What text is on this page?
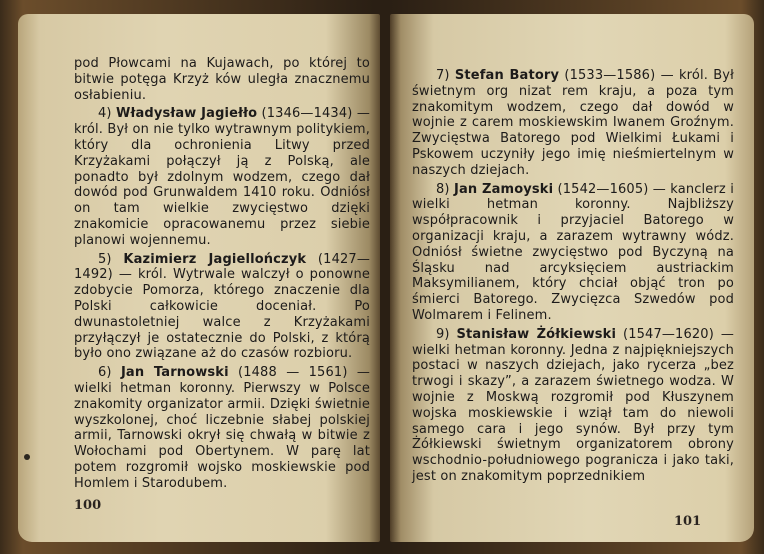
pod Płowcami na Kujawach, po której to bitwie potęga Krzyż ków uległa znacznemu osłabieniu.

4) Władysław Jagiełło (1346—1434) — król. Był on nie tylko wytrawnym politykiem, który dla ochronienia Litwy przed Krzyżakami połączył ją z Polską, ale ponadto był zdolnym wodzem, czego dał dowód pod Grunwaldem 1410 roku. Odniósł on tam wielkie zwycięstwo dzięki znakomicie opracowanemu przez siebie planowi wojennemu.

5) Kazimierz Jagiellończyk (1427—1492) — król. Wytrwale walczył o ponowne zdobycie Pomorza, którego znaczenie dla Polski całkowicie doceniał. Po dwunastoletniej walce z Krzyżakami przyłączył je ostatecznie do Polski, z którą było ono związane aż do czasów rozbioru.

6) Jan Tarnowski (1488 — 1561) — wielki hetman koronny. Pierwszy w Polsce znakomity organizator armii. Dzięki świetnie wyszkolonej, choć liczebnie słabej polskiej armii, Tarnowski okrył się chwałą w bitwie z Wołochami pod Obertynem. W parę lat potem rozgromił wojsko moskiewskie pod Homlem i Starodubem.

100

7) Stefan Batory (1533—1586) — król. Był świetnym org nizat rem kraju, a poza tym znakomitym wodzem, czego dał dowód w wojnie z carem moskiewskim Iwanem Groźnym. Zwycięstwa Batorego pod Wielkimi Łukami i Pskowem uczyniły jego imię nieśmiertelnym w naszych dziejach.

8) Jan Zamoyski (1542—1605) — kanclerz i wielki hetman koronny. Najbliższy współpracownik i przyjaciel Batorego w organizacji kraju, a zarazem wytrawny wódz. Odniósł świetne zwycięstwo pod Byczyną na Śląsku nad arcyksięciem austriackim Maksymilianem, który chciał objąć tron po śmierci Batorego. Zwycięzca Szwedów pod Wolmarem i Felinem.

9) Stanisław Żółkiewski (1547—1620) — wielki hetman koronny. Jedna z najpiękniejszych postaci w naszych dziejach, jako rycerza „bez trwogi i skazy”, a zarazem świetnego wodza. W wojnie z Moskwą rozgromił pod Kłuszynem wojska moskiewskie i wziął tam do niewoli samego cara i jego synów. Był przy tym Żółkiewski świetnym organizatorem obrony wschodnio-południowego pogranicza i jako taki, jest on znakomitym poprzednikiem

101
